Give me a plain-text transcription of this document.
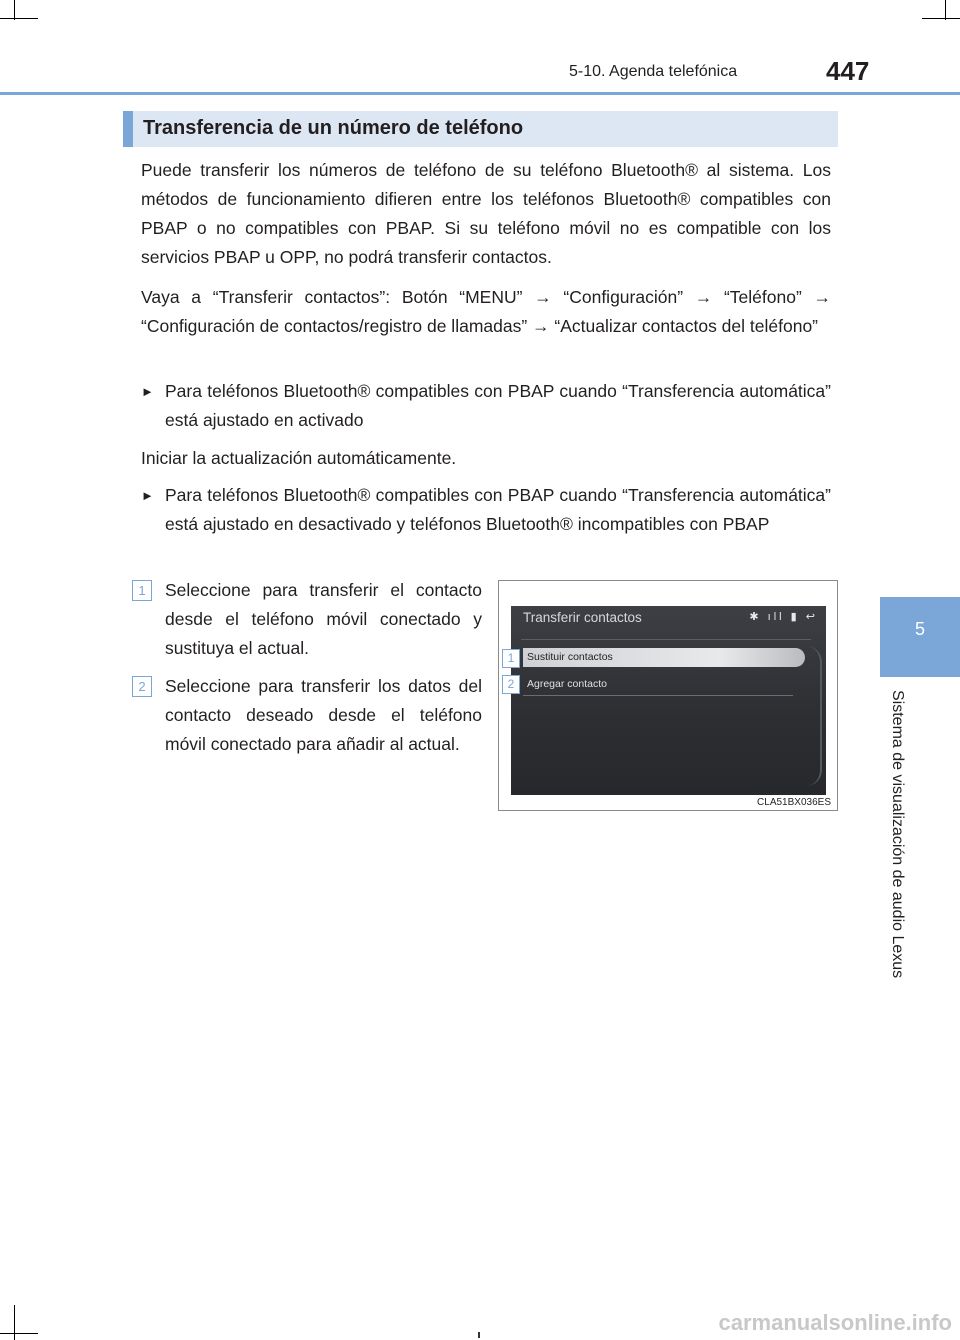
5-10. Agenda telefónica	447
5
Sistema de visualización de audio Lexus
Transferencia de un número de teléfono

Puede transferir los números de teléfono de su teléfono Bluetooth® al sistema. Los métodos de funcionamiento difieren entre los teléfonos Bluetooth® compatibles con PBAP o no compatibles con PBAP. Si su teléfono móvil no es compatible con los servicios PBAP u OPP, no podrá transferir contactos.

Vaya a “Transferir contactos”: Botón “MENU” → “Configuración” → “Teléfono” → “Configuración de contactos/registro de llamadas” → “Actualizar contactos del teléfono”

► Para teléfonos Bluetooth® compatibles con PBAP cuando “Transferencia automática” está ajustado en activado

Iniciar la actualización automáticamente.

► Para teléfonos Bluetooth® compatibles con PBAP cuando “Transferencia automática” está ajustado en desactivado y teléfonos Bluetooth® incompatibles con PBAP
1	Seleccione para transferir el contacto desde el teléfono móvil conectado y sustituya el actual.
2	Seleccione para transferir los datos del contacto deseado desde el teléfono móvil conectado para añadir al actual.
Transferir contactos	✱ ıll ▮ ↩
Sustituir contactos
Agregar contacto
1
2
CLA51BX036ES
carmanualsonline.info
